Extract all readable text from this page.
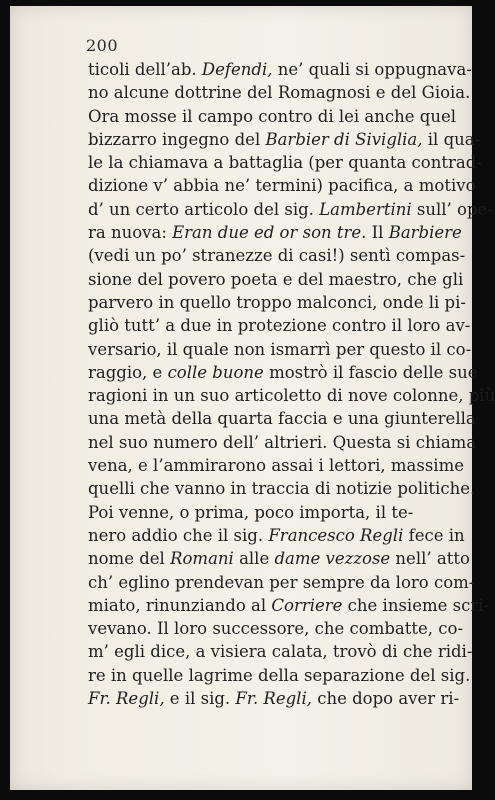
200
ticoli dell’ab. Defendi, ne’ quali si oppugnava-
no alcune dottrine del Romagnosi e del Gioia.
Ora mosse il campo contro di lei anche quel
bizzarro ingegno del Barbier di Siviglia, il qua-
le la chiamava a battaglia (per quanta contrad-
dizione v’ abbia ne’ termini) pacifica, a motivo
d’ un certo articolo del sig. Lambertini sull’ ope-
ra nuova: Eran due ed or son tre. Il Barbiere
(vedi un po’ stranezze di casi!) sentì compas-
sione del povero poeta e del maestro, che gli
parvero in quello troppo malconci, onde li pi-
gliò tutt’ a due in protezione contro il loro av-
versario, il quale non ismarrì per questo il co-
raggio, e colle buone mostrò il fascio delle sue
ragioni in un suo articoletto di nove colonne, più
una metà della quarta faccia e una giunterella
nel suo numero dell’ altrieri. Questa si chiama
vena, e l’ammirarono assai i lettori, massime
quelli che vanno in traccia di notizie politiche.
Poi venne, o prima, poco importa, il te-
nero addio che il sig. Francesco Regli fece in
nome del Romani alle dame vezzose nell’ atto
ch’ eglino prendevan per sempre da loro com-
miato, rinunziando al Corriere che insieme scri-
vevano. Il loro successore, che combatte, co-
m’ egli dice, a visiera calata, trovò di che ridi-
re in quelle lagrime della separazione del sig.
Fr. Regli, e il sig. Fr. Regli, che dopo aver ri-
